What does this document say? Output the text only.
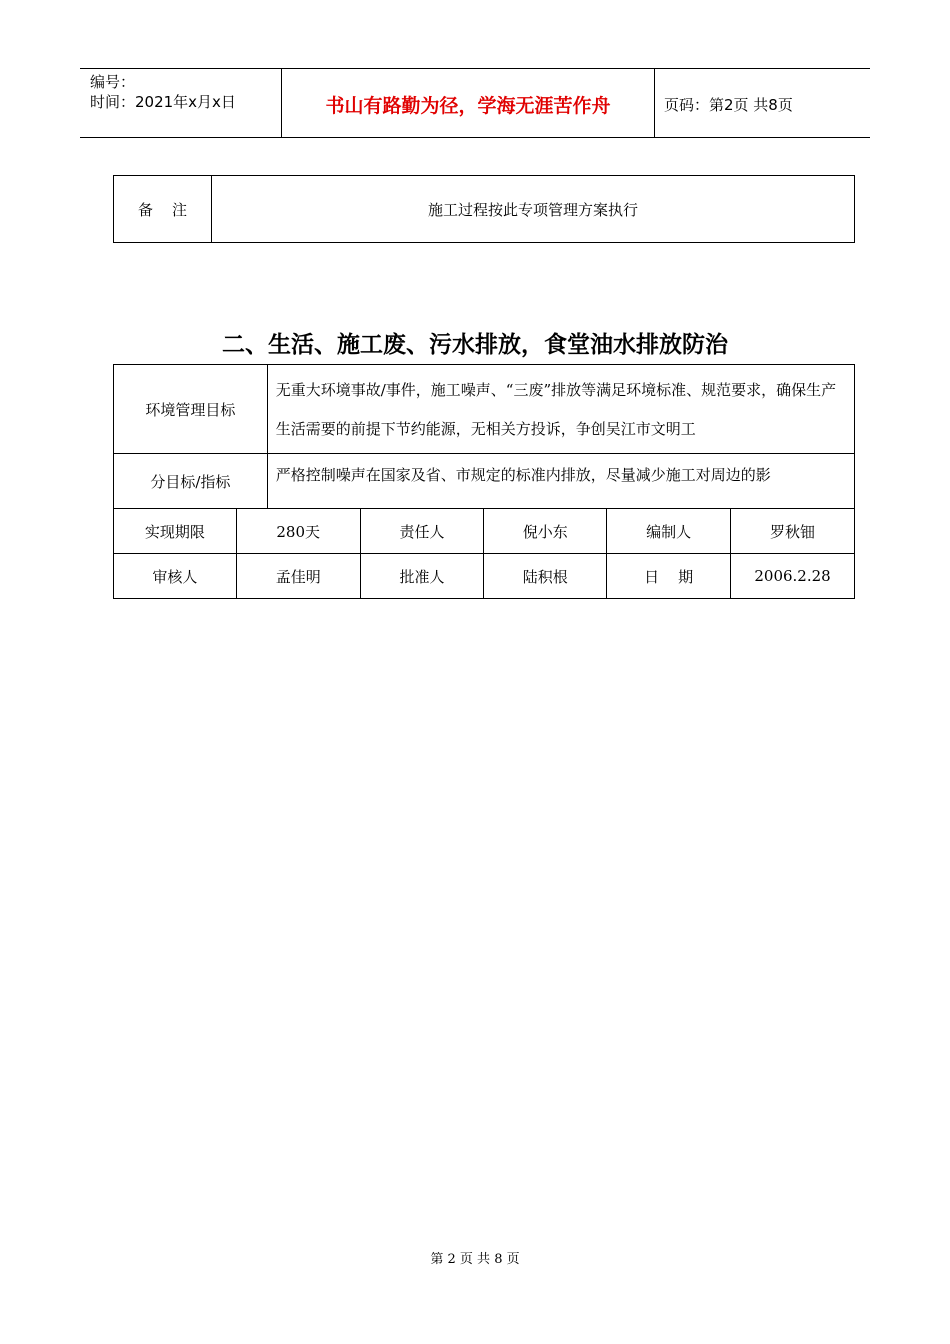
编号：
时间：2021年x月x日	书山有路勤为径，学海无涯苦作舟	页码：第2页 共8页
备    注	施工过程按此专项管理方案执行
二、生活、施工废、污水排放，食堂油水排放防治
环境管理目标		无重大环境事故/事件，施工噪声、“三废”排放等满足环境标准、规范要求，确保生产生活需要的前提下节约能源，无相关方投诉，争创吴江市文明工				

分目标/指标		严格控制噪声在国家及省、市规定的标准内排放，尽量减少施工对周边的影				

实现期限	280天		责任人	倪小东	编制人	罗秋钿
审核人	孟佳明		批准人	陆积根	日    期	2006.2.28
第 2 页 共 8 页
